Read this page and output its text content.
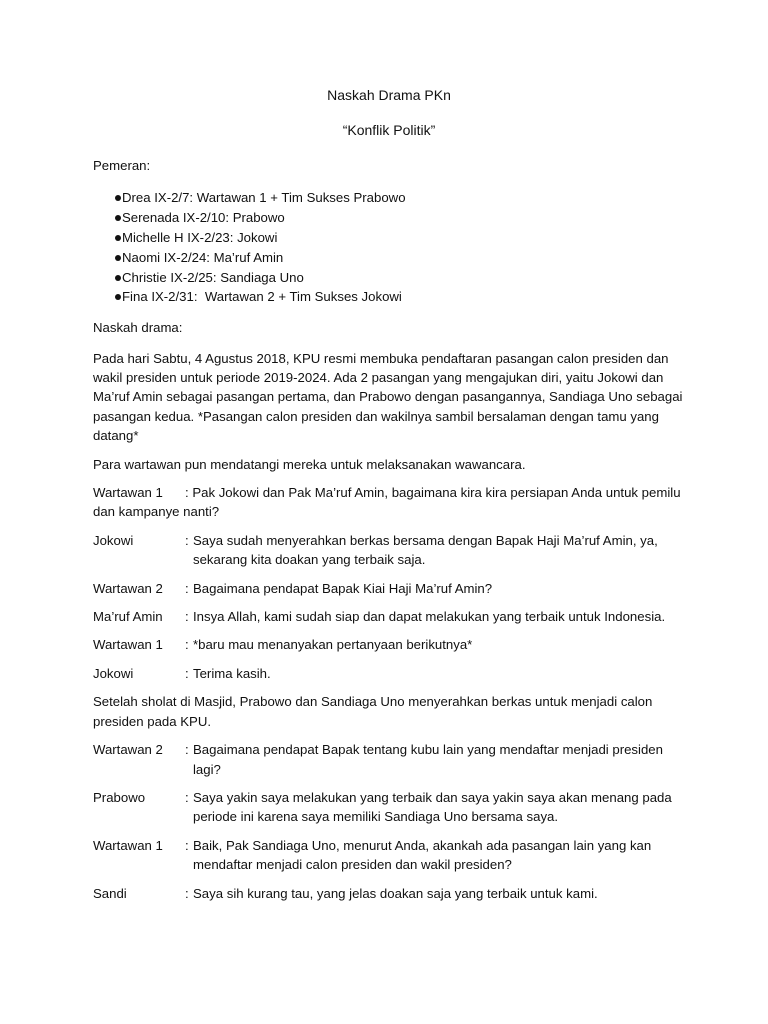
Naskah Drama PKn

“Konflik Politik”

Pemeran:

Drea IX-2/7: Wartawan 1 + Tim Sukses Prabowo
Serenada IX-2/10: Prabowo
Michelle H IX-2/23: Jokowi
Naomi IX-2/24: Ma’ruf Amin
Christie IX-2/25: Sandiaga Uno
Fina IX-2/31:  Wartawan 2 + Tim Sukses Jokowi

Naskah drama:

Pada hari Sabtu, 4 Agustus 2018, KPU resmi membuka pendaftaran pasangan calon presiden dan wakil presiden untuk periode 2019-2024. Ada 2 pasangan yang mengajukan diri, yaitu Jokowi dan Ma’ruf Amin sebagai pasangan pertama, dan Prabowo dengan pasangannya, Sandiaga Uno sebagai pasangan kedua. *Pasangan calon presiden dan wakilnya sambil bersalaman dengan tamu yang datang*

Para wartawan pun mendatangi mereka untuk melaksanakan wawancara.

Wartawan 1 : Pak Jokowi dan Pak Ma’ruf Amin, bagaimana kira kira persiapan Anda untuk pemilu dan kampanye nanti?
Jokowi	: Saya sudah menyerahkan berkas bersama dengan Bapak Haji Ma’ruf Amin, ya, sekarang kita doakan yang terbaik saja.
Wartawan 2	: Bagaimana pendapat Bapak Kiai Haji Ma’ruf Amin?
Ma’ruf Amin	: Insya Allah, kami sudah siap dan dapat melakukan yang terbaik untuk Indonesia.
Wartawan 1	: *baru mau menanyakan pertanyaan berikutnya*
Jokowi	: Terima kasih.

Setelah sholat di Masjid, Prabowo dan Sandiaga Uno menyerahkan berkas untuk menjadi calon presiden pada KPU.

Wartawan 2	: Bagaimana pendapat Bapak tentang kubu lain yang mendaftar menjadi presiden lagi?
Prabowo	: Saya yakin saya melakukan yang terbaik dan saya yakin saya akan menang pada periode ini karena saya memiliki Sandiaga Uno bersama saya.
Wartawan 1	: Baik, Pak Sandiaga Uno, menurut Anda, akankah ada pasangan lain yang kan mendaftar menjadi calon presiden dan wakil presiden?
Sandi	: Saya sih kurang tau, yang jelas doakan saja yang terbaik untuk kami.
